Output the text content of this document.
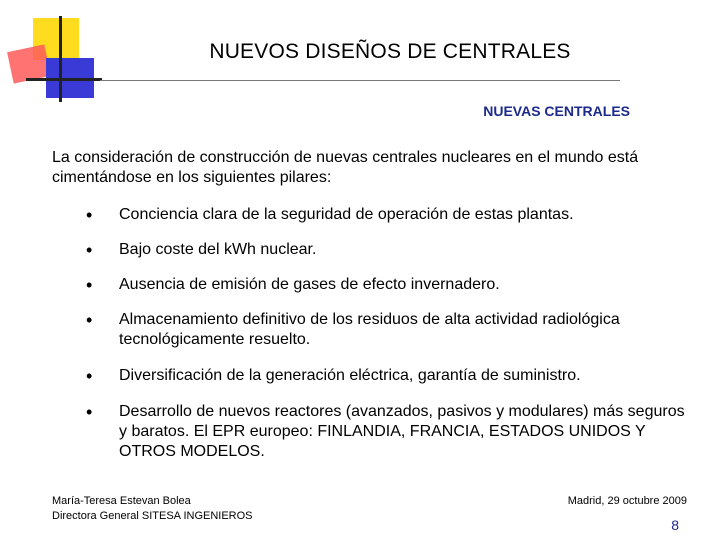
NUEVOS DISEÑOS DE CENTRALES
NUEVAS CENTRALES
La consideración de construcción de nuevas centrales nucleares en el mundo está cimentándose en los siguientes pilares:
• Conciencia clara de la seguridad de operación de estas plantas.
• Bajo coste del kWh nuclear.
• Ausencia de emisión de gases de efecto invernadero.
• Almacenamiento definitivo de los residuos de alta actividad radiológica tecnológicamente resuelto.
• Diversificación de la generación eléctrica, garantía de suministro.
• Desarrollo de nuevos reactores (avanzados, pasivos y modulares) más seguros y baratos. El EPR europeo: FINLANDIA, FRANCIA, ESTADOS UNIDOS Y OTROS MODELOS.
María-Teresa Estevan Bolea
Directora General SITESA INGENIEROS
Madrid, 29 octubre 2009
8
